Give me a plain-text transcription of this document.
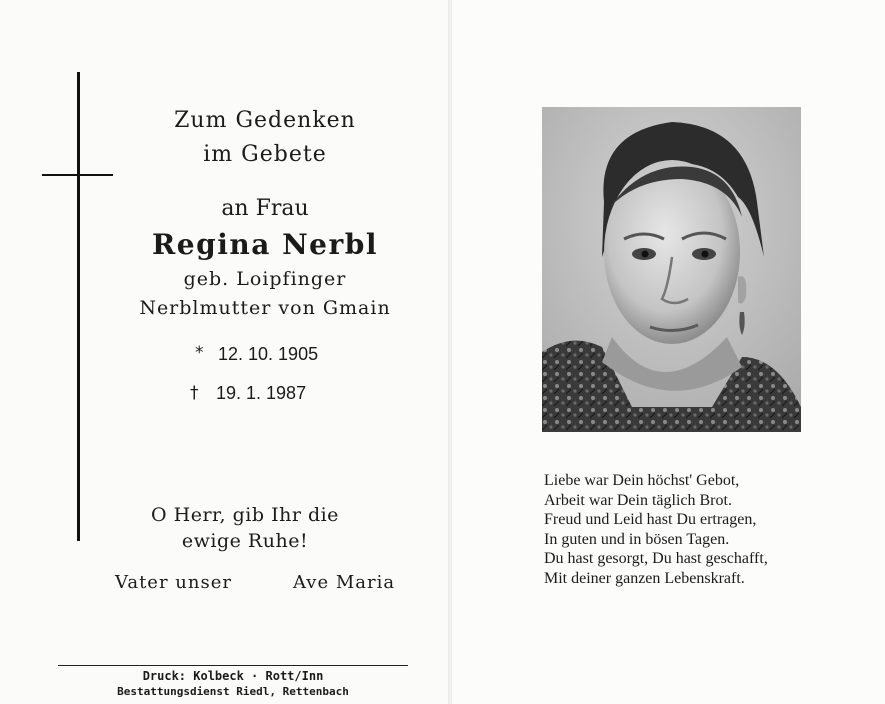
Zum Gedenken
im Gebete
an Frau
Regina Nerbl
geb. Loipfinger
Nerblmutter von Gmain
* 12. 10. 1905
† 19. 1. 1987
O Herr, gib Ihr die
ewige Ruhe!
Vater unser	Ave Maria
Druck: Kolbeck · Rott/Inn
Bestattungsdienst Riedl, Rettenbach
Liebe war Dein höchst' Gebot,
Arbeit war Dein täglich Brot.
Freud und Leid hast Du ertragen,
In guten und in bösen Tagen.
Du hast gesorgt, Du hast geschafft,
Mit deiner ganzen Lebenskraft.
